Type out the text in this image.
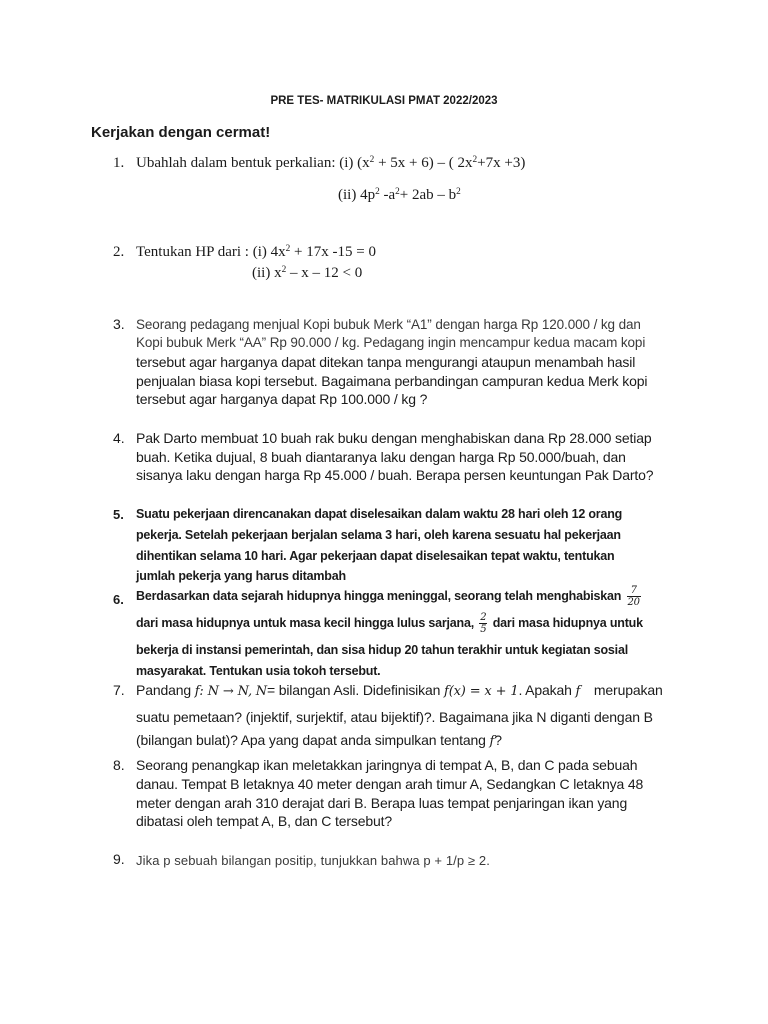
PRE TES- MATRIKULASI PMAT 2022/2023
Kerjakan dengan cermat!
1. Ubahlah dalam bentuk perkalian: (i) $(x^2 + 5x + 6)$ – ( $2x^2+7x +3$)
(ii) $4p^2$ $-a^2+ 2ab - b^2$
2. Tentukan HP dari : (i) $4x^2 + 17x$ -15 = 0
(ii) $x^2 - x - 12 < 0$
3. Seorang pedagang menjual Kopi bubuk Merk “A1” dengan harga Rp 120.000 / kg dan
Kopi bubuk Merk “AA” Rp 90.000 / kg. Pedagang ingin mencampur kedua macam kopi
tersebut agar harganya dapat ditekan tanpa mengurangi ataupun menambah hasil
penjualan biasa kopi tersebut. Bagaimana perbandingan campuran kedua Merk kopi
tersebut agar harganya dapat Rp 100.000 / kg ?
4. Pak Darto membuat 10 buah rak buku dengan menghabiskan dana Rp 28.000 setiap
buah. Ketika dujual, 8 buah diantaranya laku dengan harga Rp 50.000/buah, dan
sisanya laku dengan harga Rp 45.000 / buah. Berapa persen keuntungan Pak Darto?
5. Suatu pekerjaan direncanakan dapat diselesaikan dalam waktu 28 hari oleh 12 orang
pekerja. Setelah pekerjaan berjalan selama 3 hari, oleh karena sesuatu hal pekerjaan
dihentikan selama 10 hari. Agar pekerjaan dapat diselesaikan tepat waktu, tentukan
jumlah pekerja yang harus ditambah
6. Berdasarkan data sejarah hidupnya hingga meninggal, seorang telah menghabiskan $\frac{7}{20}$
dari masa hidupnya untuk masa kecil hingga lulus sarjana, $\frac{2}{5}$ dari masa hidupnya untuk
bekerja di instansi pemerintah, dan sisa hidup 20 tahun terakhir untuk kegiatan sosial
masyarakat. Tentukan usia tokoh tersebut.
7. Pandang f: N → N, N= bilangan Asli. Didefinisikan f(x) = x + 1. Apakah f merupakan
suatu pemetaan? (injektif, surjektif, atau bijektif)?. Bagaimana jika N diganti dengan B
(bilangan bulat)? Apa yang dapat anda simpulkan tentang f?
8. Seorang penangkap ikan meletakkan jaringnya di tempat A, B, dan C pada sebuah
danau. Tempat B letaknya 40 meter dengan arah timur A, Sedangkan C letaknya 48
meter dengan arah 310 derajat dari B. Berapa luas tempat penjaringan ikan yang
dibatasi oleh tempat A, B, dan C tersebut?
9. Jika p sebuah bilangan positip, tunjukkan bahwa p + 1/p ≥ 2.
